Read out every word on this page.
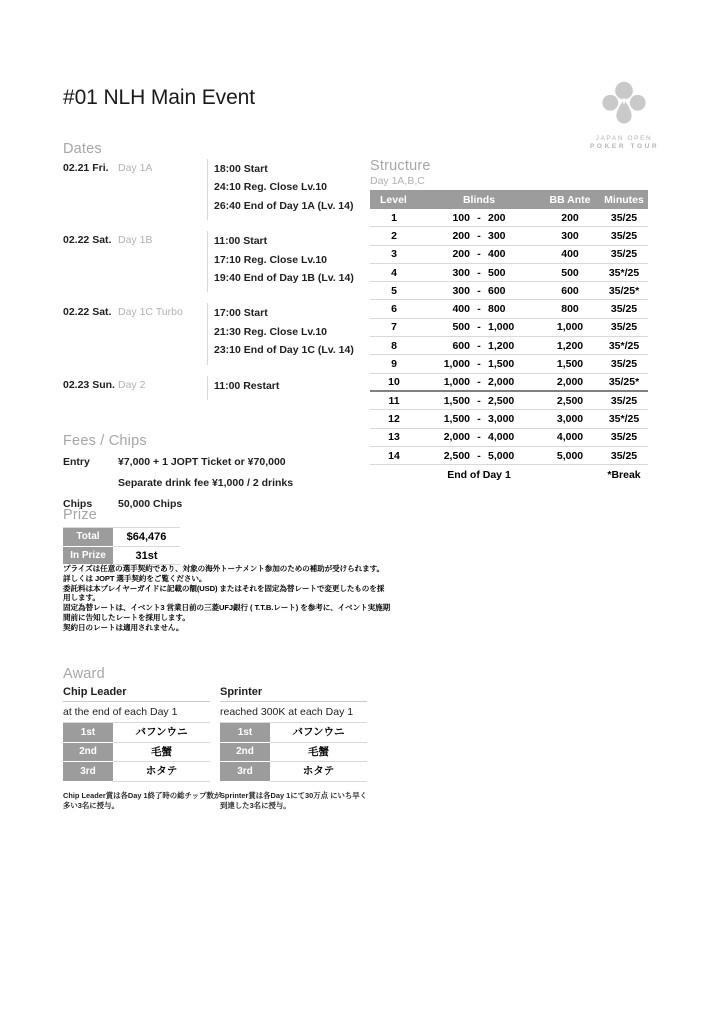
#01 NLH Main Event
JAPAN OPEN
POKER TOUR
Dates
02.21 Fri. Day 1A	18:00 Start
24:10 Reg. Close Lv.10
26:40 End of Day 1A (Lv. 14)
02.22 Sat. Day 1B	11:00 Start
17:10 Reg. Close Lv.10
19:40 End of Day 1B (Lv. 14)
02.22 Sat. Day 1C Turbo	17:00 Start
21:30 Reg. Close Lv.10
23:10 End of Day 1C (Lv. 14)
02.23 Sun. Day 2	11:00 Restart
Structure
Day 1A,B,C
Level	Blinds	BB Ante	Minutes
1	100 - 200	200	35/25
2	200 - 300	300	35/25
3	200 - 400	400	35/25
4	300 - 500	500	35*/25
5	300 - 600	600	35/25*
6	400 - 800	800	35/25
7	500 - 1,000	1,000	35/25
8	600 - 1,200	1,200	35*/25
9	1,000 - 1,500	1,500	35/25
10	1,000 - 2,000	2,000	35/25*
11	1,500 - 2,500	2,500	35/25
12	1,500 - 3,000	3,000	35*/25
13	2,000 - 4,000	4,000	35/25
14	2,500 - 5,000	5,000	35/25
End of Day 1	*Break
Fees / Chips
Entry	¥7,000 + 1 JOPT Ticket or ¥70,000
Separate drink fee ¥1,000 / 2 drinks
Chips	50,000 Chips
Prize
Total	$64,476
In Prize	31st
プライズは任意の選手契約であり、対象の海外トーナメント参加のための補助が受けられます。
詳しくは JOPT 選手契約をご覧ください。
委託料は本プレイヤーガイドに記載の額(USD) またはそれを固定為替レートで変更したものを採
用します。
固定為替レートは、イベント3 営業日前の三菱UFJ銀行 ( T.T.B.レート) を参考に、イベント実施期
間前に告知したレートを採用します。
契約日のレートは適用されません。
Award
Chip Leader
at the end of each Day 1
1st	バフンウニ
2nd	毛蟹
3rd	ホタテ
Chip Leader賞は各Day 1終了時の総チップ数が
多い3名に授与。
Sprinter
reached 300K at each Day 1
1st	バフンウニ
2nd	毛蟹
3rd	ホタテ
Sprinter賞は各Day 1にて30万点 にいち早く
到達した3名に授与。
